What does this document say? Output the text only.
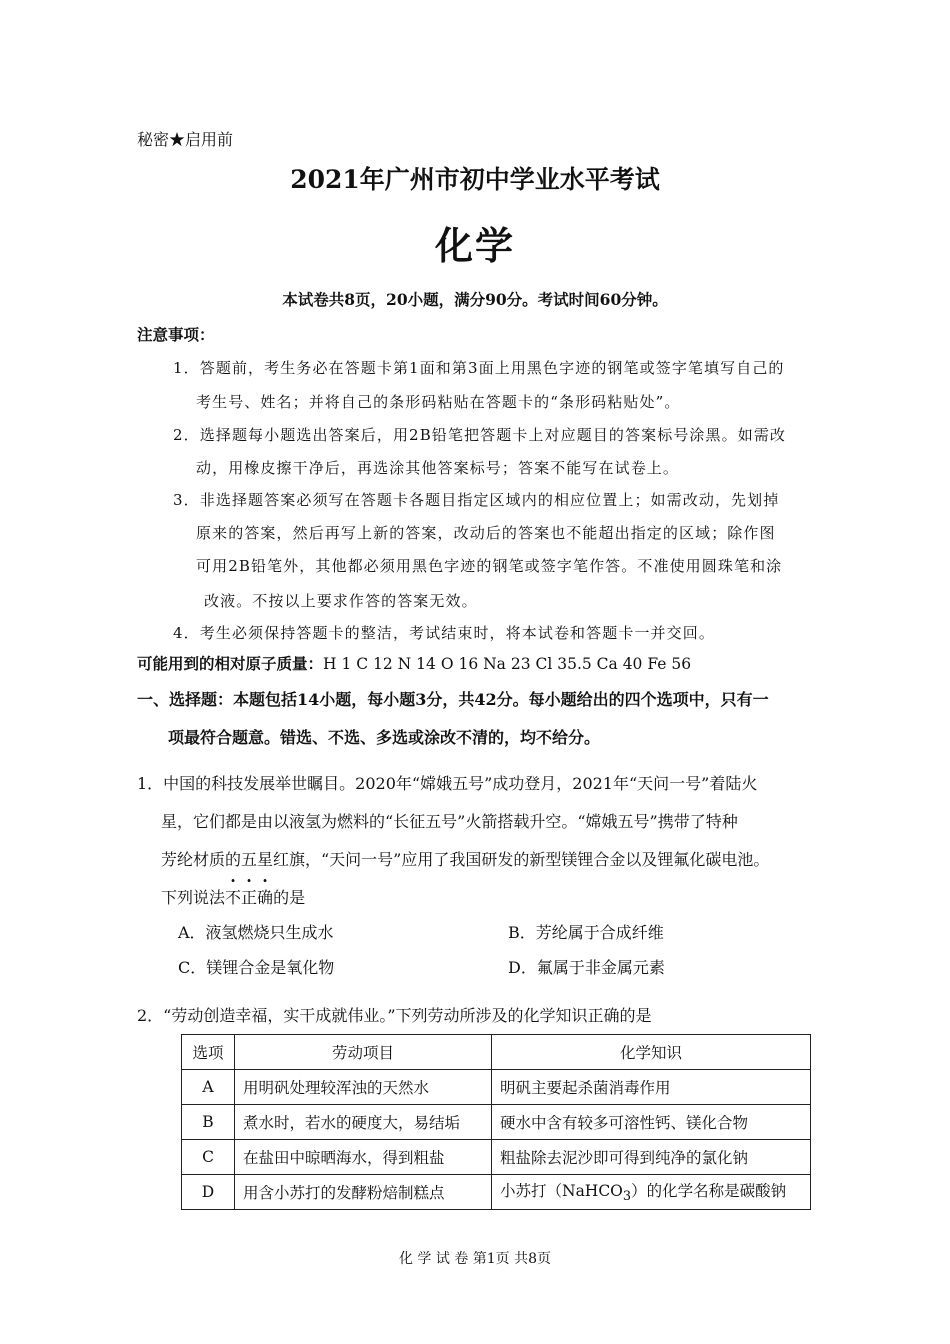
秘密★启用前
2021年广州市初中学业水平考试
化学
本试卷共8页，20小题，满分90分。考试时间60分钟。
注意事项：
1．答题前，考生务必在答题卡第1面和第3面上用黑色字迹的钢笔或签字笔填写自己的
考生号、姓名；并将自己的条形码粘贴在答题卡的“条形码粘贴处”。
2．选择题每小题选出答案后，用2B铅笔把答题卡上对应题目的答案标号涂黑。如需改
动，用橡皮擦干净后，再选涂其他答案标号；答案不能写在试卷上。
3．非选择题答案必须写在答题卡各题目指定区域内的相应位置上；如需改动，先划掉
原来的答案，然后再写上新的答案，改动后的答案也不能超出指定的区域；除作图
可用2B铅笔外，其他都必须用黑色字迹的钢笔或签字笔作答。不准使用圆珠笔和涂
改液。不按以上要求作答的答案无效。
4．考生必须保持答题卡的整洁，考试结束时，将本试卷和答题卡一并交回。
可能用到的相对原子质量：H 1 C 12 N 14 O 16 Na 23 Cl 35.5 Ca 40 Fe 56
一、选择题：本题包括14小题，每小题3分，共42分。每小题给出的四个选项中，只有一
项最符合题意。错选、不选、多选或涂改不清的，均不给分。
1．中国的科技发展举世瞩目。2020年“嫦娥五号”成功登月，2021年“天问一号”着陆火
星，它们都是由以液氢为燃料的“长征五号”火箭搭载升空。“嫦娥五号”携带了特种
芳纶材质的五星红旗，“天问一号”应用了我国研发的新型镁锂合金以及锂氟化碳电池。
下列说法不正确的是
A．液氢燃烧只生成水	B．芳纶属于合成纤维
C．镁锂合金是氧化物	D．氟属于非金属元素
2．“劳动创造幸福，实干成就伟业。”下列劳动所涉及的化学知识正确的是
选项	劳动项目	化学知识
A	用明矾处理较浑浊的天然水	明矾主要起杀菌消毒作用
B	煮水时，若水的硬度大，易结垢	硬水中含有较多可溶性钙、镁化合物
C	在盐田中晾晒海水，得到粗盐	粗盐除去泥沙即可得到纯净的氯化钠
D	用含小苏打的发酵粉焙制糕点	小苏打（NaHCO$_3$）的化学名称是碳酸钠
化 学 试 卷 第1页 共8页
